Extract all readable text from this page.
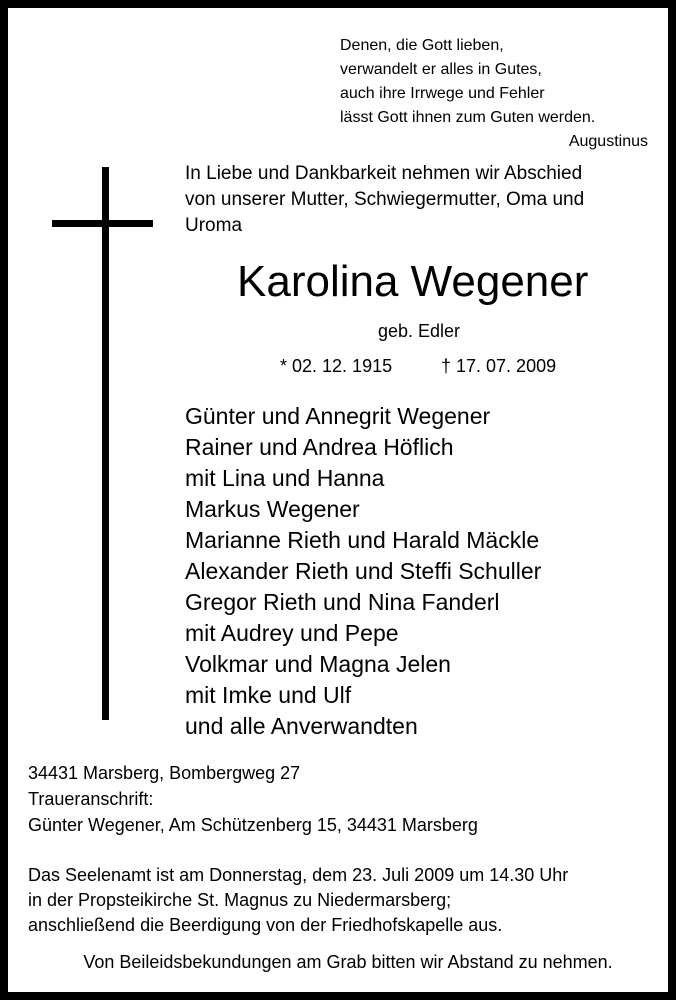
Denen, die Gott lieben,
verwandelt er alles in Gutes,
auch ihre Irrwege und Fehler
lässt Gott ihnen zum Guten werden.
Augustinus
In Liebe und Dankbarkeit nehmen wir Abschied
von unserer Mutter, Schwiegermutter, Oma und
Uroma
Karolina Wegener
geb. Edler
* 02. 12. 1915	† 17. 07. 2009
Günter und Annegrit Wegener
Rainer und Andrea Höflich
mit Lina und Hanna
Markus Wegener
Marianne Rieth und Harald Mäckle
Alexander Rieth und Steffi Schuller
Gregor Rieth und Nina Fanderl
mit Audrey und Pepe
Volkmar und Magna Jelen
mit Imke und Ulf
und alle Anverwandten
34431 Marsberg, Bombergweg 27
Traueranschrift:
Günter Wegener, Am Schützenberg 15, 34431 Marsberg
Das Seelenamt ist am Donnerstag, dem 23. Juli 2009 um 14.30 Uhr
in der Propsteikirche St. Magnus zu Niedermarsberg;
anschließend die Beerdigung von der Friedhofskapelle aus.
Von Beileidsbekundungen am Grab bitten wir Abstand zu nehmen.
